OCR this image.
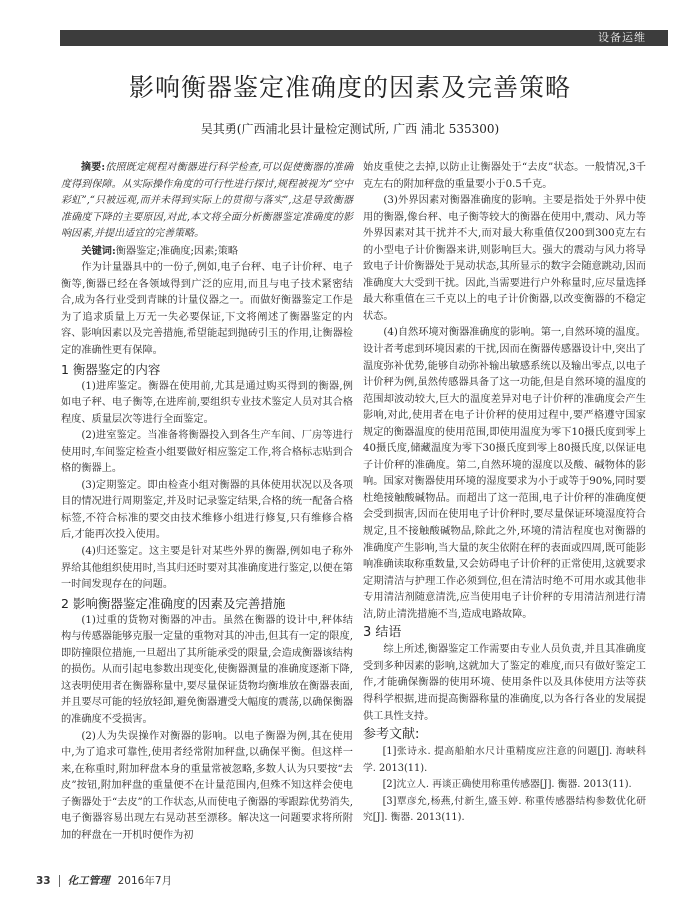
设备运维
影响衡器鉴定准确度的因素及完善策略
吴其勇(广西浦北县计量检定测试所, 广西 浦北 535300)

摘要:依照既定规程对衡器进行科学检查,可以促使衡器的准确度得到保障。从实际操作角度的可行性进行探讨,规程被视为“空中彩虹”,“只被远观,而并未得到实际上的贯彻与落实”,这是导致衡器准确度下降的主要原因,对此,本文将全面分析衡器鉴定准确度的影响因素,并提出适宜的完善策略。

关键词:衡器鉴定;准确度;因素;策略

作为计量器具中的一份子,例如,电子台秤、电子计价秤、电子衡等,衡器已经在各领域得到广泛的应用,而且与电子技术紧密结合,成为各行业受到青睐的计量仪器之一。而做好衡器鉴定工作是为了追求质量上万无一失必要保证,下文将阐述了衡器鉴定的内容、影响因素以及完善措施,希望能起到抛砖引玉的作用,让衡器检定的准确性更有保障。

1 衡器鉴定的内容

(1)进库鉴定。衡器在使用前,尤其是通过购买得到的衡器,例如电子秤、电子衡等,在进库前,要组织专业技术鉴定人员对其合格程度、质量层次等进行全面鉴定。

(2)进室鉴定。当准备将衡器投入到各生产车间、厂房等进行使用时,车间鉴定检查小组要做好相应鉴定工作,将合格标志贴到合格的衡器上。

(3)定期鉴定。即由检查小组对衡器的具体使用状况以及各项目的情况进行周期鉴定,并及时记录鉴定结果,合格的统一配备合格标签,不符合标准的要交由技术维修小组进行修复,只有维修合格后,才能再次投入使用。

(4)归还鉴定。这主要是针对某些外界的衡器,例如电子称外界给其他组织使用时,当其归还时要对其准确度进行鉴定,以便在第一时间发现存在的问题。

2 影响衡器鉴定准确度的因素及完善措施

(1)过重的货物对衡器的冲击。虽然在衡器的设计中,秤体结构与传感器能够克服一定量的重物对其的冲击,但其有一定的限度,即防撞限位措施,一旦超出了其所能承受的限量,会造成衡器该结构的损伤。从而引起电参数出现变化,使衡器测量的准确度逐渐下降,这表明使用者在衡器称量中,要尽量保证货物均衡堆放在衡器表面,并且要尽可能的轻放轻卸,避免衡器遭受大幅度的震荡,以确保衡器的准确度不受损害。

(2)人为失误操作对衡器的影响。以电子衡器为例,其在使用中,为了追求可靠性,使用者经常附加秤盘,以确保平衡。但这样一来,在称重时,附加秤盘本身的重量常被忽略,多数人认为只要按“去皮”按钮,附加秤盘的重量便不在计量范围内,但殊不知这样会使电子衡器处于“去皮”的工作状态,从而使电子衡器的零跟踪优势消失,电子衡器容易出现左右晃动甚至漂移。解决这一问题要求将所附加的秤盘在一开机时便作为初

始皮重使之去掉,以防止让衡器处于“去皮”状态。一般情况,3千克左右的附加秤盘的重量要小于0.5千克。

(3)外界因素对衡器准确度的影响。主要是指处于外界中使用的衡器,像台秤、电子衡等较大的衡器在使用中,震动、风力等外界因素对其干扰并不大,而对最大称重值仅200到300克左右的小型电子计价衡器来讲,则影响巨大。强大的震动与风力将导致电子计价衡器处于晃动状态,其所显示的数字会随意跳动,因而准确度大大受到干扰。因此,当需要进行户外称量时,应尽量选择最大称重值在三千克以上的电子计价衡器,以改变衡器的不稳定状态。

(4)自然环境对衡器准确度的影响。第一,自然环境的温度。设计者考虑到环境因素的干扰,因而在衡器传感器设计中,突出了温度弥补优势,能够自动弥补输出敏感系统以及输出零点,以电子计价秤为例,虽然传感器具备了这一功能,但是自然环境的温度的范围却波动较大,巨大的温度差异对电子计价秤的准确度会产生影响,对此,使用者在电子计价秤的使用过程中,要严格遵守国家规定的衡器温度的使用范围,即使用温度为零下10摄氏度到零上40摄氏度,储藏温度为零下30摄氏度到零上80摄氏度,以保证电子计价秤的准确度。第二,自然环境的湿度以及酸、碱物体的影响。国家对衡器使用环境的湿度要求为小于或等于90%,同时要杜绝接触酸碱物品。而超出了这一范围,电子计价秤的准确度便会受到损害,因而在使用电子计价秤时,要尽量保证环境湿度符合规定,且不接触酸碱物品,除此之外,环境的清洁程度也对衡器的准确度产生影响,当大量的灰尘依附在秤的表面或四周,既可能影响准确读取称重数量,又会妨碍电子计价秤的正常使用,这就要求定期清洁与护理工作必须到位,但在清洁时绝不可用水或其他非专用清洁剂随意清洗,应当使用电子计价秤的专用清洁剂进行清洁,防止清洗措施不当,造成电路故障。

3 结语

综上所述,衡器鉴定工作需要由专业人员负责,并且其准确度受到多种因素的影响,这就加大了鉴定的难度,而只有做好鉴定工作,才能确保衡器的使用环境、使用条件以及具体使用方法等获得科学根据,进而提高衡器称量的准确度,以为各行各业的发展提供工具性支持。

参考文献:

[1]张诗永. 提高船舶水尺计重精度应注意的问题[J]. 海峡科学. 2013(11).

[2]沈立人. 再谈正确使用称重传感器[J]. 衡器. 2013(11).

[3]覃彦允,杨燕,付新生,盛玉婷. 称重传感器结构参数优化研究[J]. 衡器. 2013(11).

33 化工管理 2016年7月
